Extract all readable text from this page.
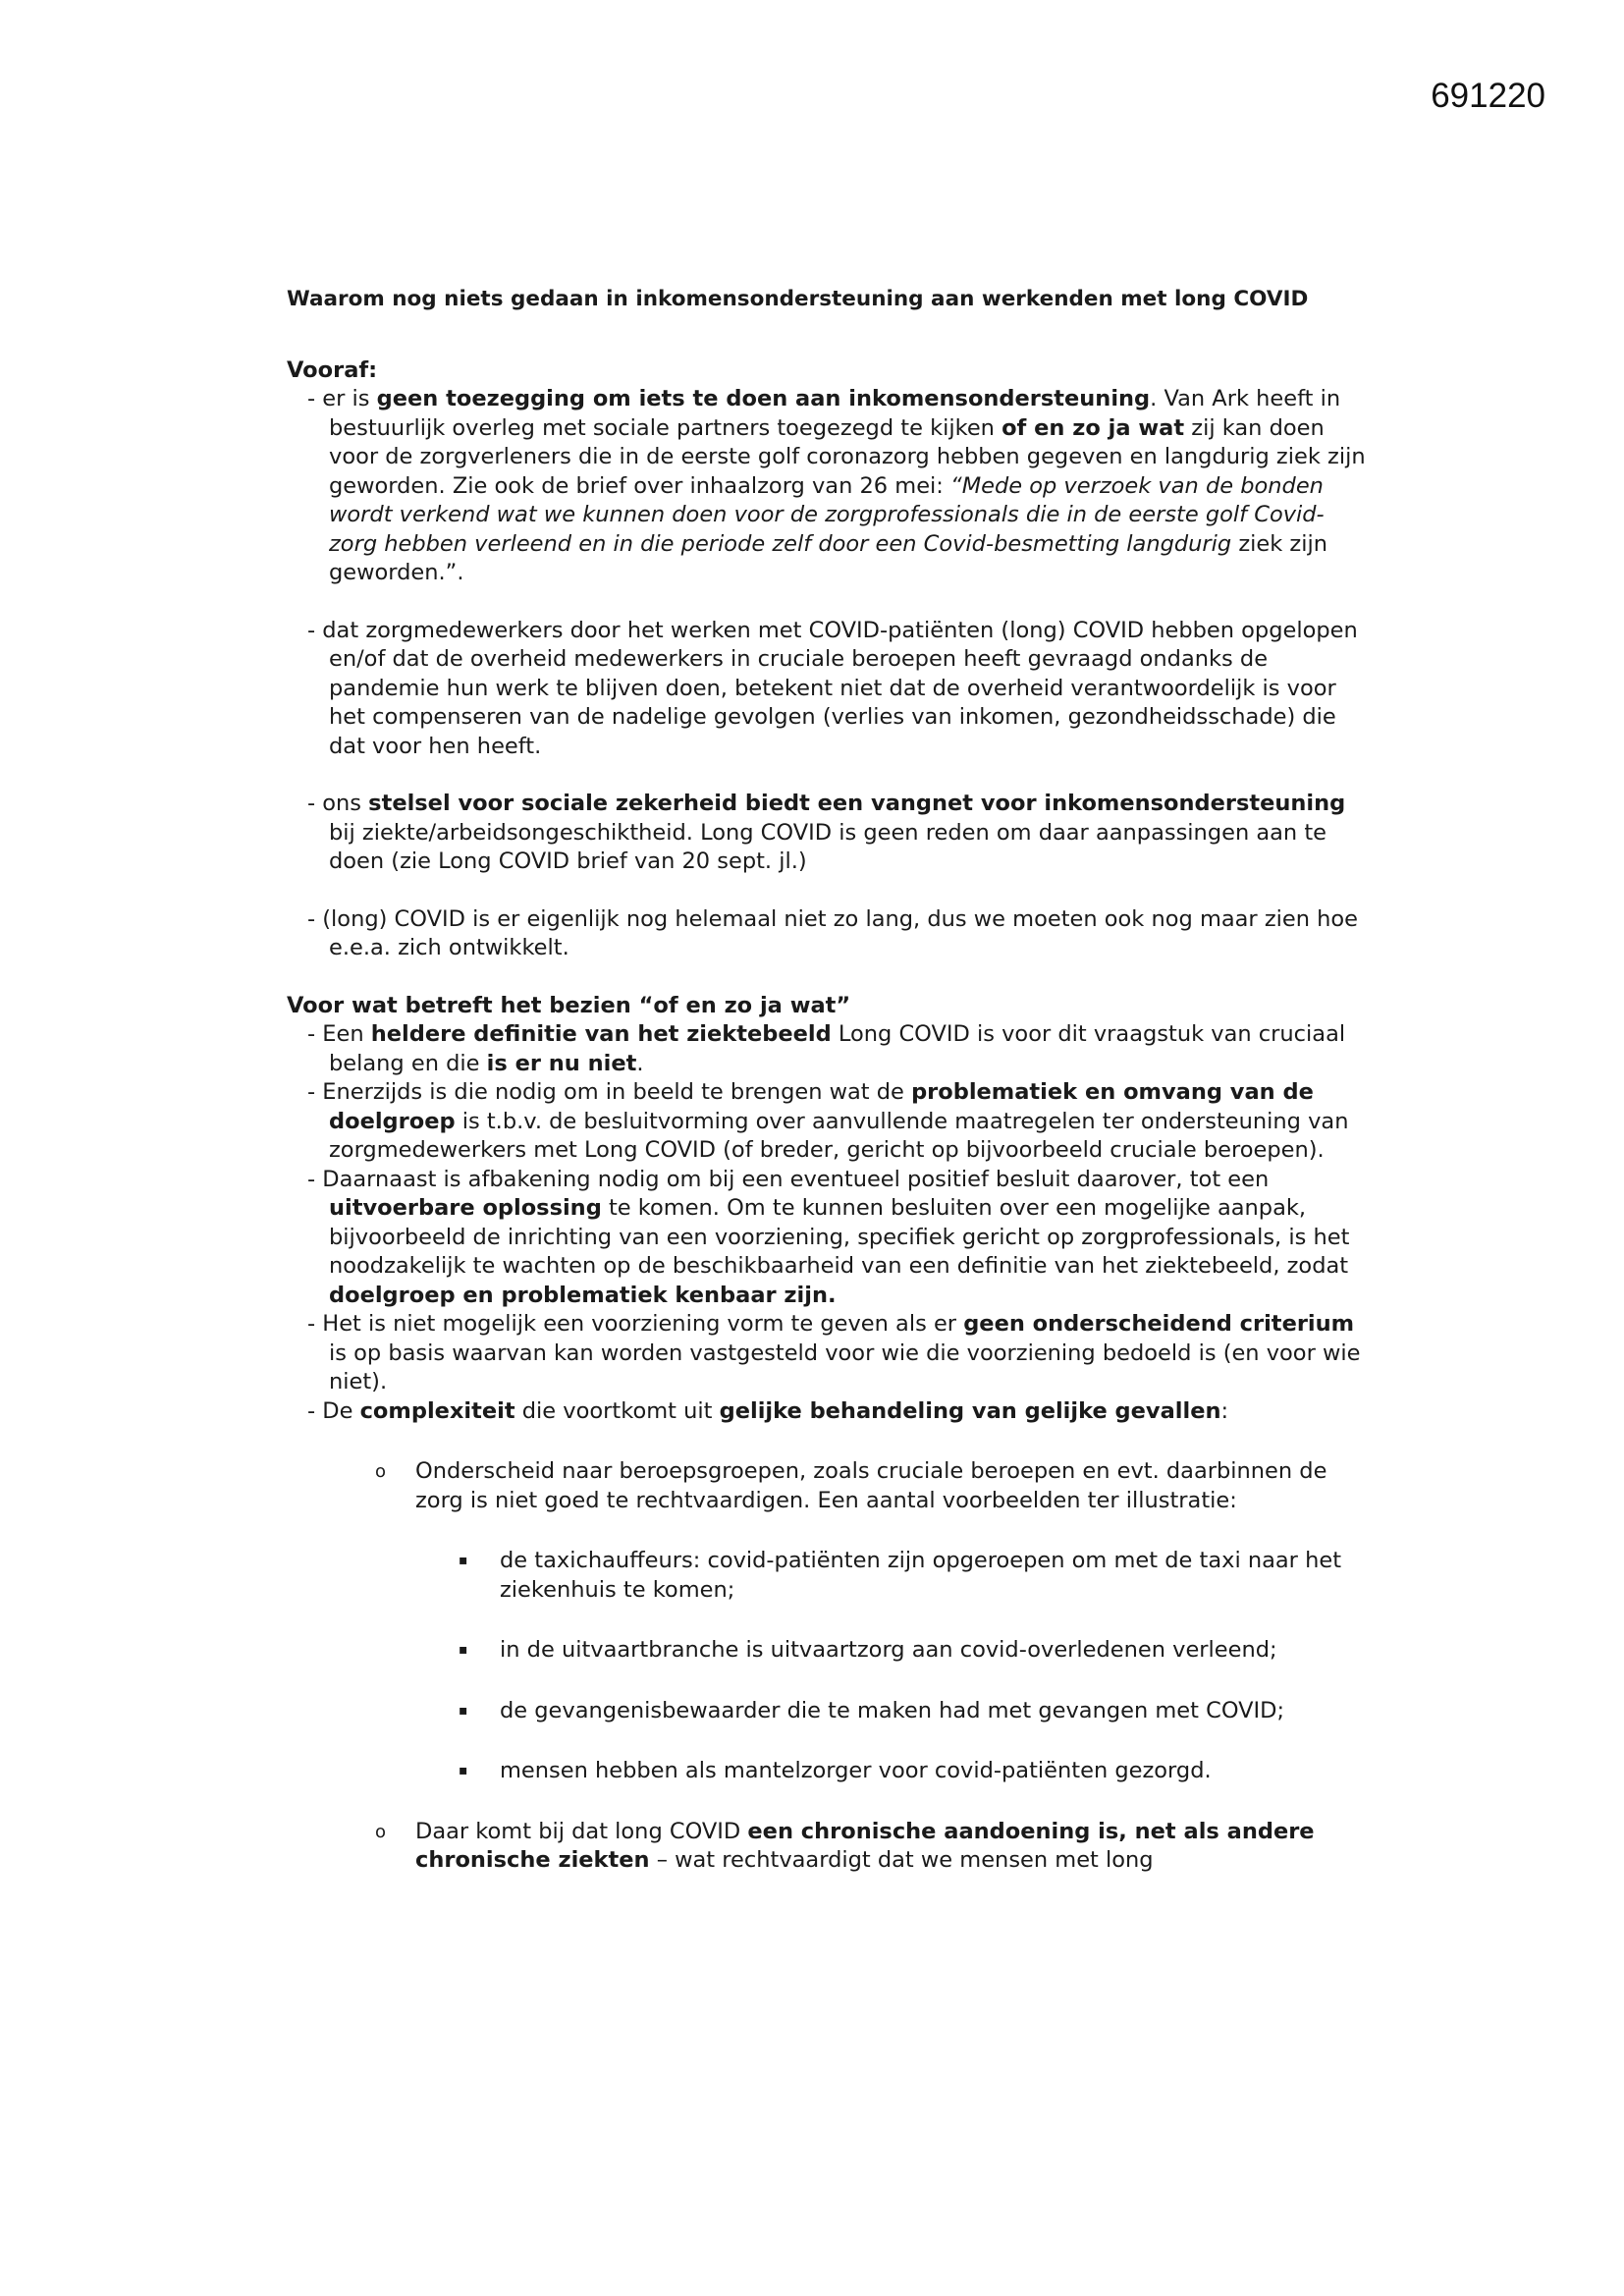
691220

Waarom nog niets gedaan in inkomensondersteuning aan werkenden met long COVID

Vooraf:

- er is geen toezegging om iets te doen aan inkomensondersteuning. Van Ark heeft in bestuurlijk overleg met sociale partners toegezegd te kijken of en zo ja wat zij kan doen voor de zorgverleners die in de eerste golf coronazorg hebben gegeven en langdurig ziek zijn geworden. Zie ook de brief over inhaalzorg van 26 mei: “Mede op verzoek van de bonden wordt verkend wat we kunnen doen voor de zorgprofessionals die in de eerste golf Covid-zorg hebben verleend en in die periode zelf door een Covid-besmetting langdurig ziek zijn geworden.”.

- dat zorgmedewerkers door het werken met COVID-patiënten (long) COVID hebben opgelopen en/of dat de overheid medewerkers in cruciale beroepen heeft gevraagd ondanks de pandemie hun werk te blijven doen, betekent niet dat de overheid verantwoordelijk is voor het compenseren van de nadelige gevolgen (verlies van inkomen, gezondheidsschade) die dat voor hen heeft.

- ons stelsel voor sociale zekerheid biedt een vangnet voor inkomensondersteuning bij ziekte/arbeidsongeschiktheid. Long COVID is geen reden om daar aanpassingen aan te doen (zie Long COVID brief van 20 sept. jl.)

- (long) COVID is er eigenlijk nog helemaal niet zo lang, dus we moeten ook nog maar zien hoe e.e.a. zich ontwikkelt.

Voor wat betreft het bezien “of en zo ja wat”

- Een heldere definitie van het ziektebeeld Long COVID is voor dit vraagstuk van cruciaal belang en die is er nu niet.

- Enerzijds is die nodig om in beeld te brengen wat de problematiek en omvang van de doelgroep is t.b.v. de besluitvorming over aanvullende maatregelen ter ondersteuning van zorgmedewerkers met Long COVID (of breder, gericht op bijvoorbeeld cruciale beroepen).

- Daarnaast is afbakening nodig om bij een eventueel positief besluit daarover, tot een uitvoerbare oplossing te komen. Om te kunnen besluiten over een mogelijke aanpak, bijvoorbeeld de inrichting van een voorziening, specifiek gericht op zorgprofessionals, is het noodzakelijk te wachten op de beschikbaarheid van een definitie van het ziektebeeld, zodat doelgroep en problematiek kenbaar zijn.

- Het is niet mogelijk een voorziening vorm te geven als er geen onderscheidend criterium is op basis waarvan kan worden vastgesteld voor wie die voorziening bedoeld is (en voor wie niet).

- De complexiteit die voortkomt uit gelijke behandeling van gelijke gevallen:

o Onderscheid naar beroepsgroepen, zoals cruciale beroepen en evt. daarbinnen de zorg is niet goed te rechtvaardigen. Een aantal voorbeelden ter illustratie:

▪ de taxichauffeurs: covid-patiënten zijn opgeroepen om met de taxi naar het ziekenhuis te komen;

▪ in de uitvaartbranche is uitvaartzorg aan covid-overledenen verleend;

▪ de gevangenisbewaarder die te maken had met gevangen met COVID;

▪ mensen hebben als mantelzorger voor covid-patiënten gezorgd.

o Daar komt bij dat long COVID een chronische aandoening is, net als andere chronische ziekten – wat rechtvaardigt dat we mensen met long
